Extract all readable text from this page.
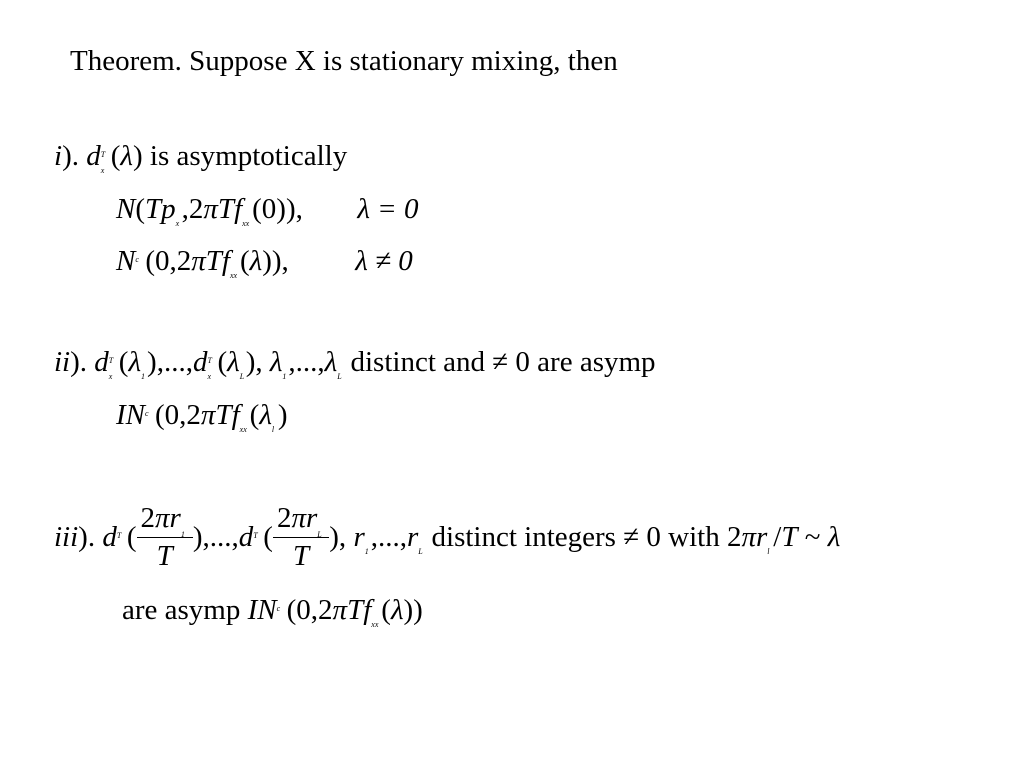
Theorem. Suppose X is stationary mixing, then
i). dTx (λ) is asymptotically
N(Tpx,2πTfxx(0)),  λ = 0
Nc (0,2πTfxx(λ)),  λ ≠ 0
ii). dTx (λ1),...,dTx (λL), λ1,...,λL distinct and ≠ 0 are asymp
INc (0,2πTfxx(λl )
iii). dT ( $\frac{2\pi r1}{T} ),...,dT$ ( $\frac{\text{2πrL}}{T}$ ), r1,...,rL distinct integers ≠ 0 with 2πrl /T ~ λ
are asymp INc (0,2πTfxx(λ))
